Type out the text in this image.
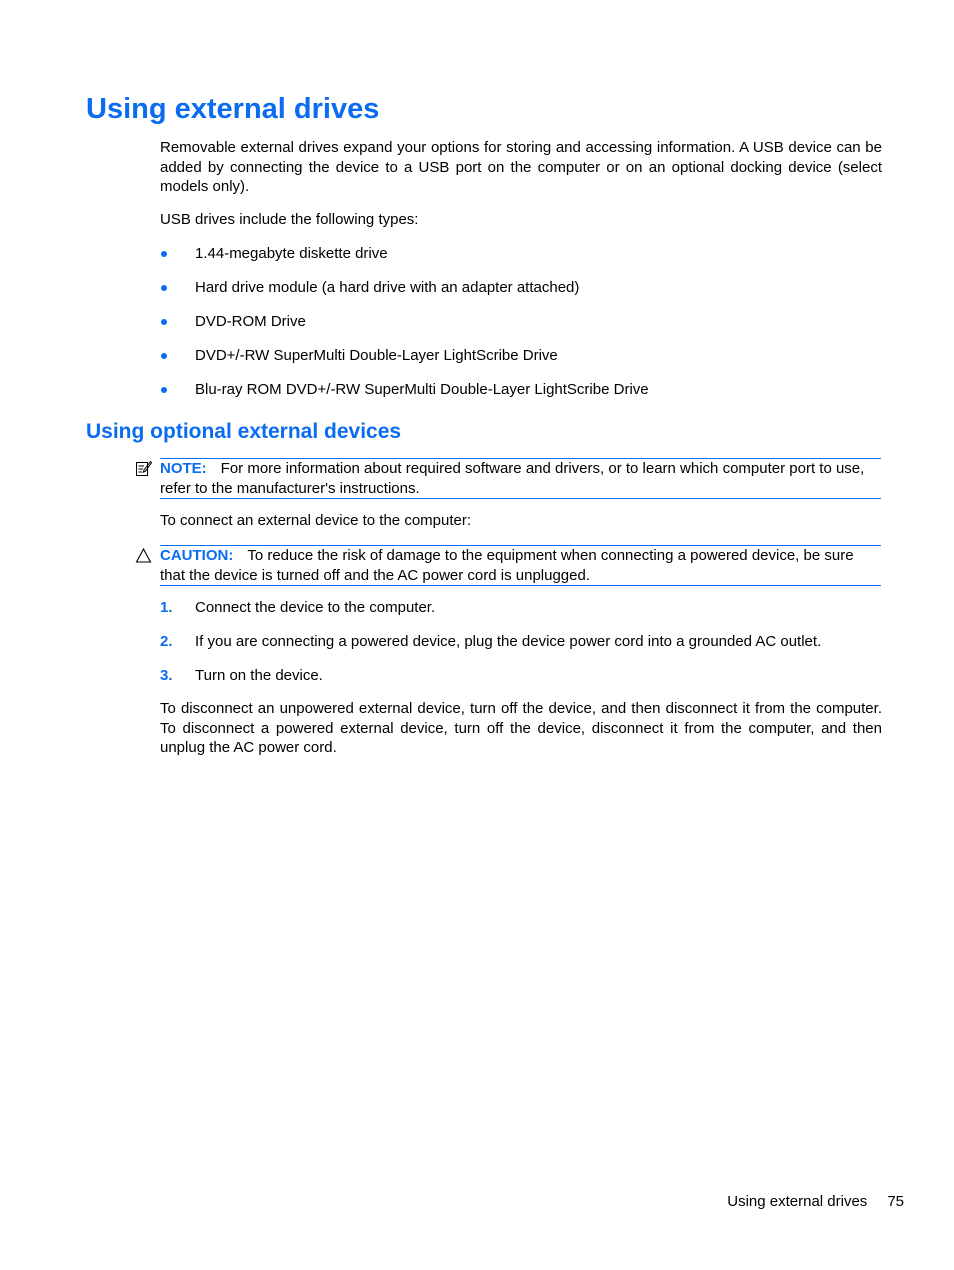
Using external drives

Removable external drives expand your options for storing and accessing information. A USB device can be added by connecting the device to a USB port on the computer or on an optional docking device (select models only).

USB drives include the following types:

1.44-megabyte diskette drive
Hard drive module (a hard drive with an adapter attached)
DVD-ROM Drive
DVD+/-RW SuperMulti Double-Layer LightScribe Drive
Blu-ray ROM DVD+/-RW SuperMulti Double-Layer LightScribe Drive
Using optional external devices
NOTE: For more information about required software and drivers, or to learn which computer port to use, refer to the manufacturer's instructions.

To connect an external device to the computer:

CAUTION: To reduce the risk of damage to the equipment when connecting a powered device, be sure that the device is turned off and the AC power cord is unplugged.
1. Connect the device to the computer.
2. If you are connecting a powered device, plug the device power cord into a grounded AC outlet.
3. Turn on the device.

To disconnect an unpowered external device, turn off the device, and then disconnect it from the computer. To disconnect a powered external device, turn off the device, disconnect it from the computer, and then unplug the AC power cord.

Using external drives 75
